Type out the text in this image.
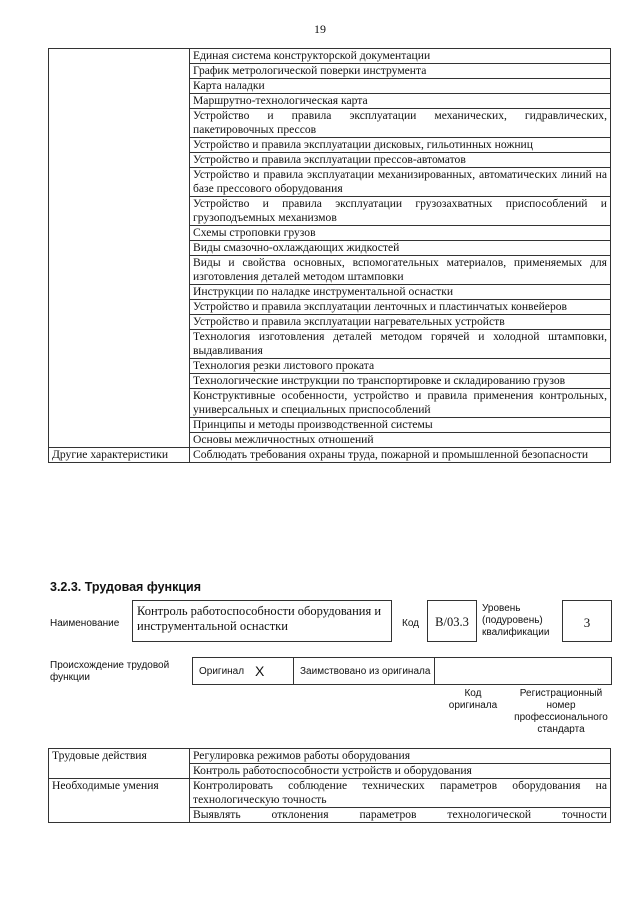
19
	Единая система конструкторской документации
	График метрологической поверки инструмента
	Карта наладки
	Маршрутно-технологическая карта
	Устройство и правила эксплуатации механических, гидравлических, пакетировочных прессов
	Устройство и правила эксплуатации дисковых, гильотинных ножниц
	Устройство и правила эксплуатации прессов-автоматов
	Устройство и правила эксплуатации механизированных, автоматических линий на базе прессового оборудования
	Устройство и правила эксплуатации грузозахватных приспособлений и грузоподъемных механизмов
	Схемы строповки грузов
	Виды смазочно-охлаждающих жидкостей
	Виды и свойства основных, вспомогательных материалов, применяемых для изготовления деталей методом штамповки
	Инструкции по наладке инструментальной оснастки
	Устройство и правила эксплуатации ленточных и пластинчатых конвейеров
	Устройство и правила эксплуатации нагревательных устройств
	Технология изготовления деталей методом горячей и холодной штамповки, выдавливания
	Технология резки листового проката
	Технологические инструкции по транспортировке и складированию грузов
	Конструктивные особенности, устройство и правила применения контрольных, универсальных и специальных приспособлений
	Принципы и методы производственной системы
	Основы межличностных отношений
Другие характеристики	Соблюдать требования охраны труда, пожарной и промышленной безопасности
3.2.3. Трудовая функция
Наименование
Контроль работоспособности оборудования и инструментальной оснастки	Код	В/03.3
Уровень (подуровень) квалификации
3
Происхождение трудовой функции
Оригинал X	Заимствовано из оригинала
Код оригинала
Регистрационный номер профессионального стандарта
Трудовые действия	Регулировка режимов работы оборудования
	Контроль работоспособности устройств и оборудования
Необходимые умения	Контролировать соблюдение технических параметров оборудования на технологическую точность
	Выявлять отклонения параметров технологической точности
